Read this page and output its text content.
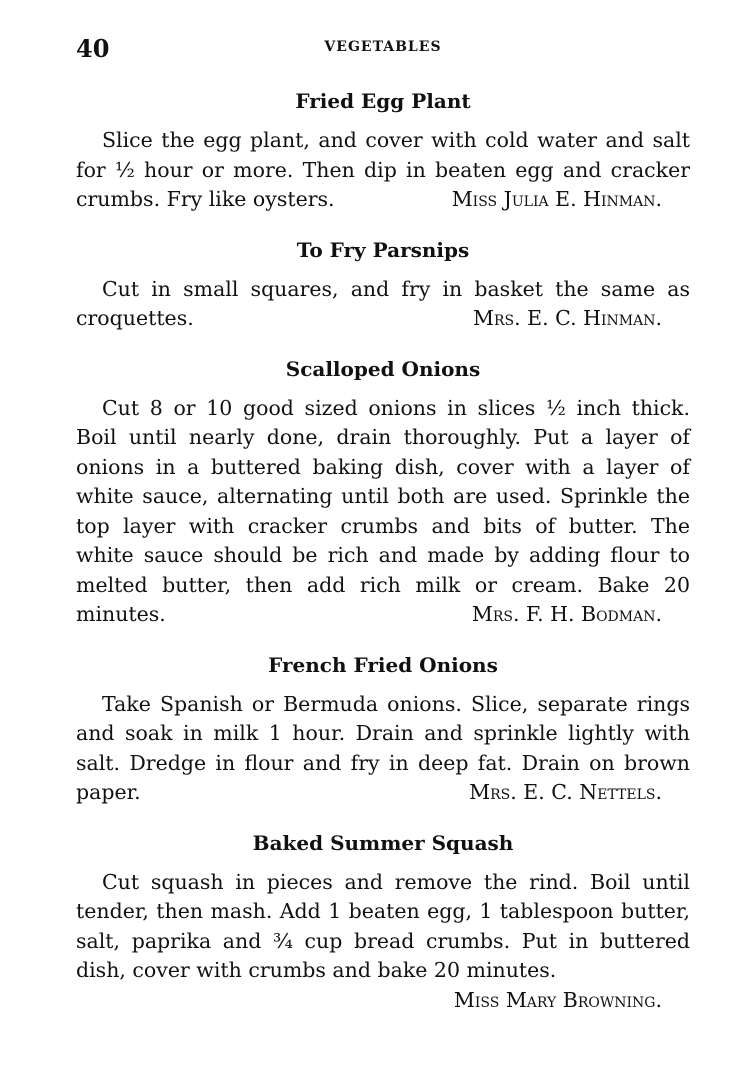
40	VEGETABLES
Fried Egg Plant

Slice the egg plant, and cover with cold water and salt for ½ hour or more. Then dip in beaten egg and cracker crumbs. Fry like oysters.	Miss Julia E. Hinman.

To Fry Parsnips

Cut in small squares, and fry in basket the same as croquettes.	Mrs. E. C. Hinman.

Scalloped Onions

Cut 8 or 10 good sized onions in slices ½ inch thick. Boil until nearly done, drain thoroughly. Put a layer of onions in a buttered baking dish, cover with a layer of white sauce, alternating until both are used. Sprinkle the top layer with cracker crumbs and bits of butter. The white sauce should be rich and made by adding flour to melted butter, then add rich milk or cream. Bake 20 minutes.	Mrs. F. H. Bodman.

French Fried Onions

Take Spanish or Bermuda onions. Slice, separate rings and soak in milk 1 hour. Drain and sprinkle lightly with salt. Dredge in flour and fry in deep fat. Drain on brown paper.	Mrs. E. C. Nettels.

Baked Summer Squash

Cut squash in pieces and remove the rind. Boil until tender, then mash. Add 1 beaten egg, 1 tablespoon butter, salt, paprika and ¾ cup bread crumbs. Put in buttered dish, cover with crumbs and bake 20 minutes.

Miss Mary Browning.
